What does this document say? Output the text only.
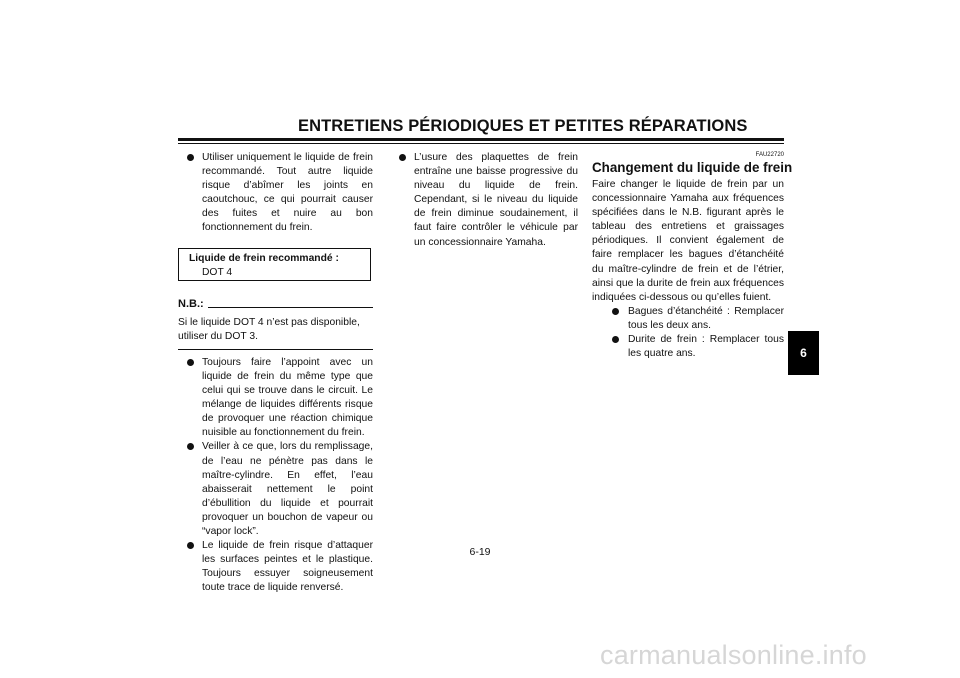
ENTRETIENS PÉRIODIQUES ET PETITES RÉPARATIONS
Utiliser uniquement le liquide de frein recommandé. Tout autre liquide risque d’abîmer les joints en caoutchouc, ce qui pourrait causer des fuites et nuire au bon fonctionnement du frein.
Liquide de frein recommandé :
DOT 4
N.B.:
Si le liquide DOT 4 n’est pas disponible, utiliser du DOT 3.
Toujours faire l’appoint avec un liquide de frein du même type que celui qui se trouve dans le circuit. Le mélange de liquides différents risque de provoquer une réaction chimique nuisible au fonctionnement du frein.
Veiller à ce que, lors du remplissage, de l’eau ne pénètre pas dans le maître-cylindre. En effet, l’eau abaisserait nettement le point d’ébullition du liquide et pourrait provoquer un bouchon de vapeur ou “vapor lock”.
Le liquide de frein risque d’attaquer les surfaces peintes et le plastique. Toujours essuyer soigneusement toute trace de liquide renversé.
L’usure des plaquettes de frein entraîne une baisse progressive du niveau du liquide de frein. Cependant, si le niveau du liquide de frein diminue soudainement, il faut faire contrôler le véhicule par un concessionnaire Yamaha.
FAU22720
Changement du liquide de frein
Faire changer le liquide de frein par un concessionnaire Yamaha aux fréquences spécifiées dans le N.B. figurant après le tableau des entretiens et graissages périodiques. Il convient également de faire remplacer les bagues d’étanchéité du maître-cylindre de frein et de l’étrier, ainsi que la durite de frein aux fréquences indiquées ci-dessous ou qu’elles fuient.
Bagues d’étanchéité : Remplacer tous les deux ans.
Durite de frein : Remplacer tous les quatre ans.	6
6-19
carmanualsonline.info
